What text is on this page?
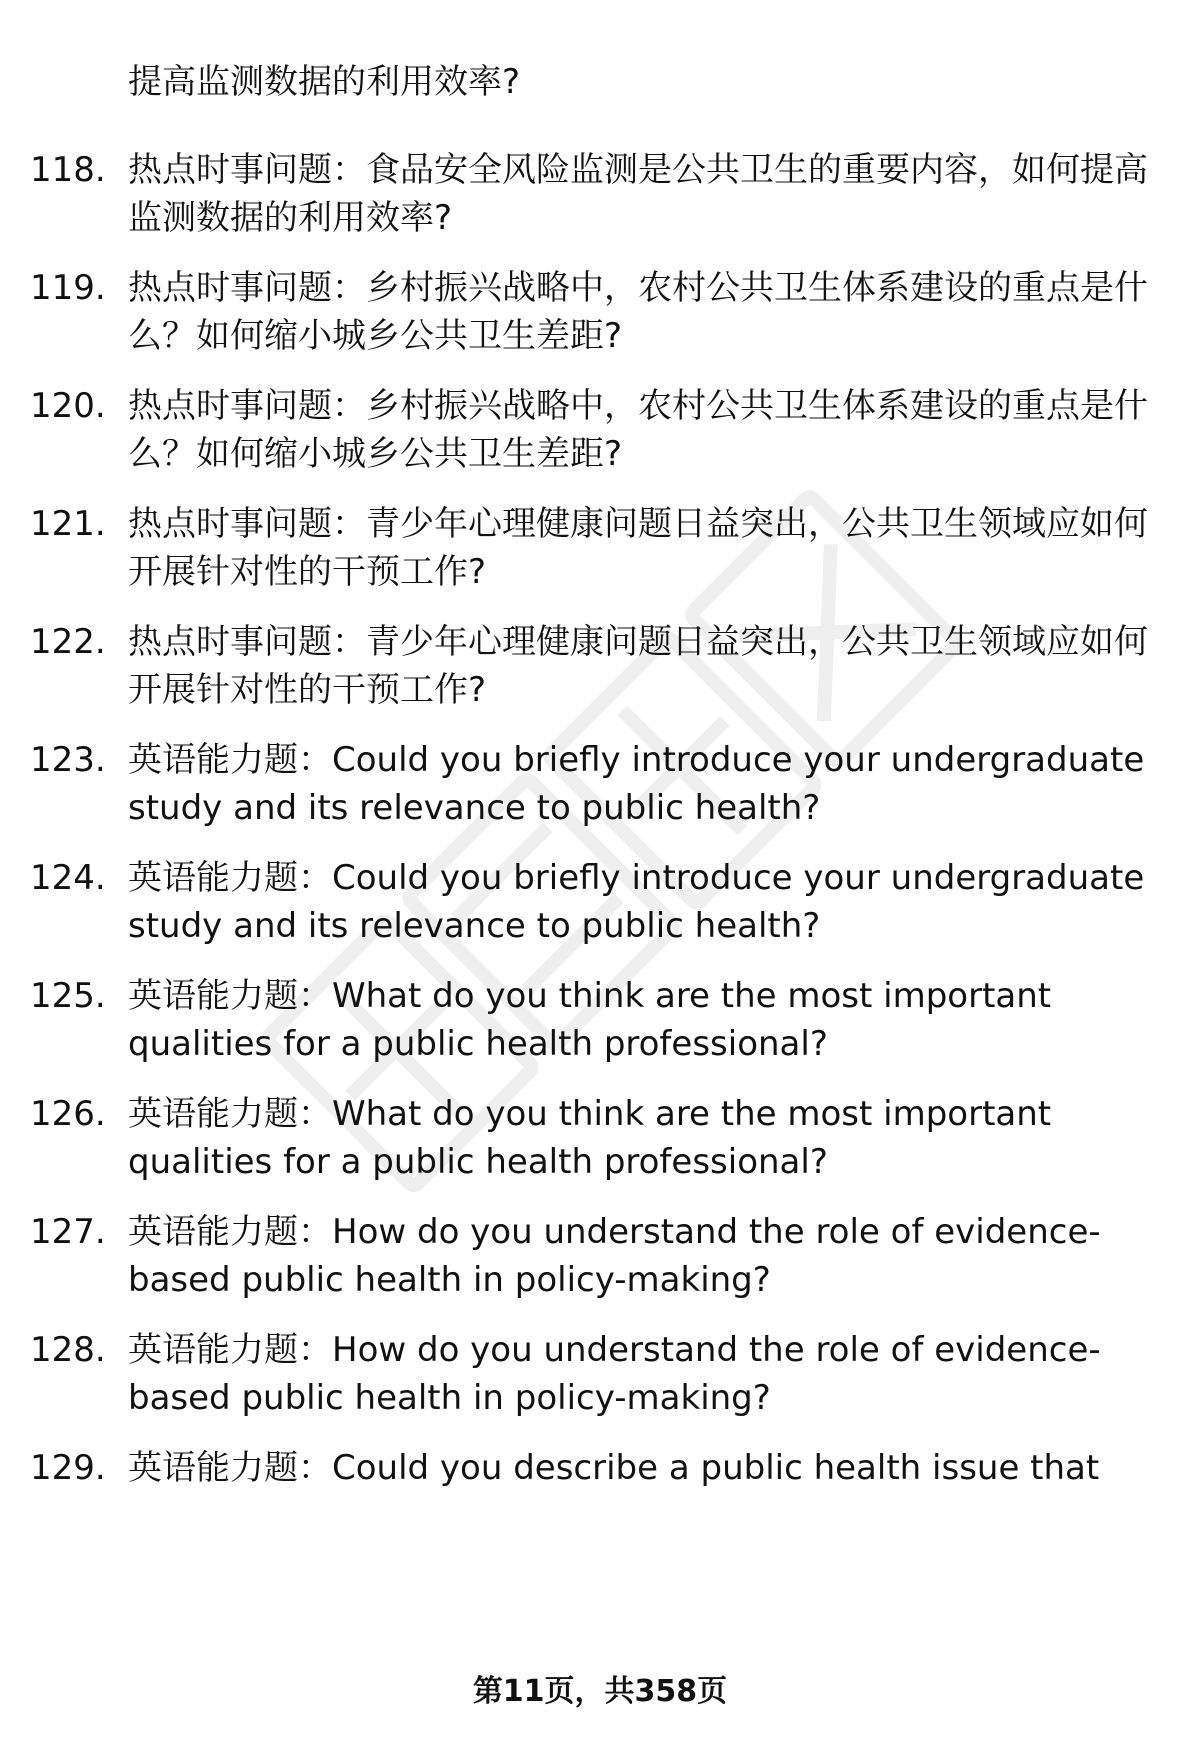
提高监测数据的利用效率?
118. 热点时事问题：食品安全风险监测是公共卫生的重要内容，如何提高监测数据的利用效率?
119. 热点时事问题：乡村振兴战略中，农村公共卫生体系建设的重点是什么？如何缩小城乡公共卫生差距?
120. 热点时事问题：乡村振兴战略中，农村公共卫生体系建设的重点是什么？如何缩小城乡公共卫生差距?
121. 热点时事问题：青少年心理健康问题日益突出，公共卫生领域应如何开展针对性的干预工作?
122. 热点时事问题：青少年心理健康问题日益突出，公共卫生领域应如何开展针对性的干预工作?
123. 英语能力题：Could you briefly introduce your undergraduate study and its relevance to public health?
124. 英语能力题：Could you briefly introduce your undergraduate study and its relevance to public health?
125. 英语能力题：What do you think are the most important qualities for a public health professional?
126. 英语能力题：What do you think are the most important qualities for a public health professional?
127. 英语能力题：How do you understand the role of evidence-based public health in policy-making?
128. 英语能力题：How do you understand the role of evidence-based public health in policy-making?
129. 英语能力题：Could you describe a public health issue that
第11页，共358页
